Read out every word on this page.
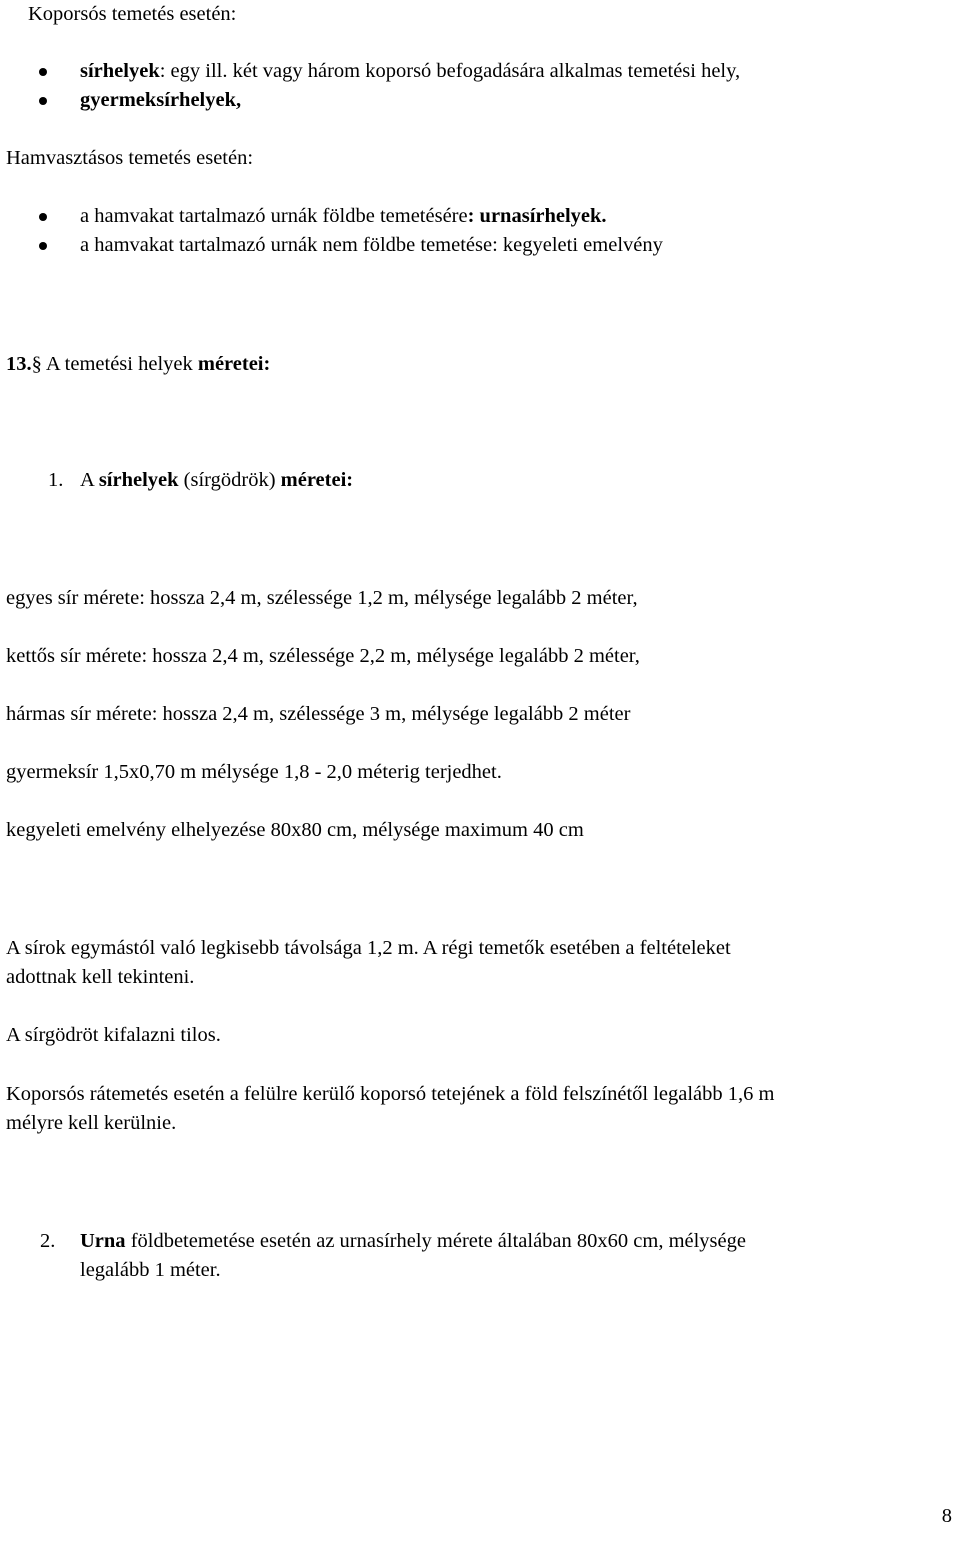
Koporsós temetés esetén:
sírhelyek: egy ill. két vagy három koporsó befogadására alkalmas temetési hely,
gyermeksírhelyek,
Hamvasztásos temetés esetén:
a hamvakat tartalmazó urnák földbe temetésére: urnasírhelyek.
a hamvakat tartalmazó urnák nem földbe temetése: kegyeleti emelvény
13.§ A temetési helyek méretei:
1. A sírhelyek (sírgödrök) méretei:
egyes sír mérete: hossza 2,4 m, szélessége 1,2 m, mélysége legalább 2 méter,
kettős sír mérete: hossza 2,4 m, szélessége 2,2 m, mélysége legalább 2 méter,
hármas sír mérete: hossza 2,4 m, szélessége 3 m, mélysége legalább 2 méter
gyermeksír 1,5x0,70 m mélysége 1,8 - 2,0 méterig terjedhet.
kegyeleti emelvény elhelyezése 80x80 cm, mélysége maximum 40 cm
A sírok egymástól való legkisebb távolsága 1,2 m. A régi temetők esetében a feltételeket
adottnak kell tekinteni.
A sírgödröt kifalazni tilos.
Koporsós rátemetés esetén a felülre kerülő koporsó tetejének a föld felszínétől legalább 1,6 m
mélyre kell kerülnie.
2. Urna földbetemetése esetén az urnasírhely mérete általában 80x60 cm, mélysége
legalább 1 méter.
8
